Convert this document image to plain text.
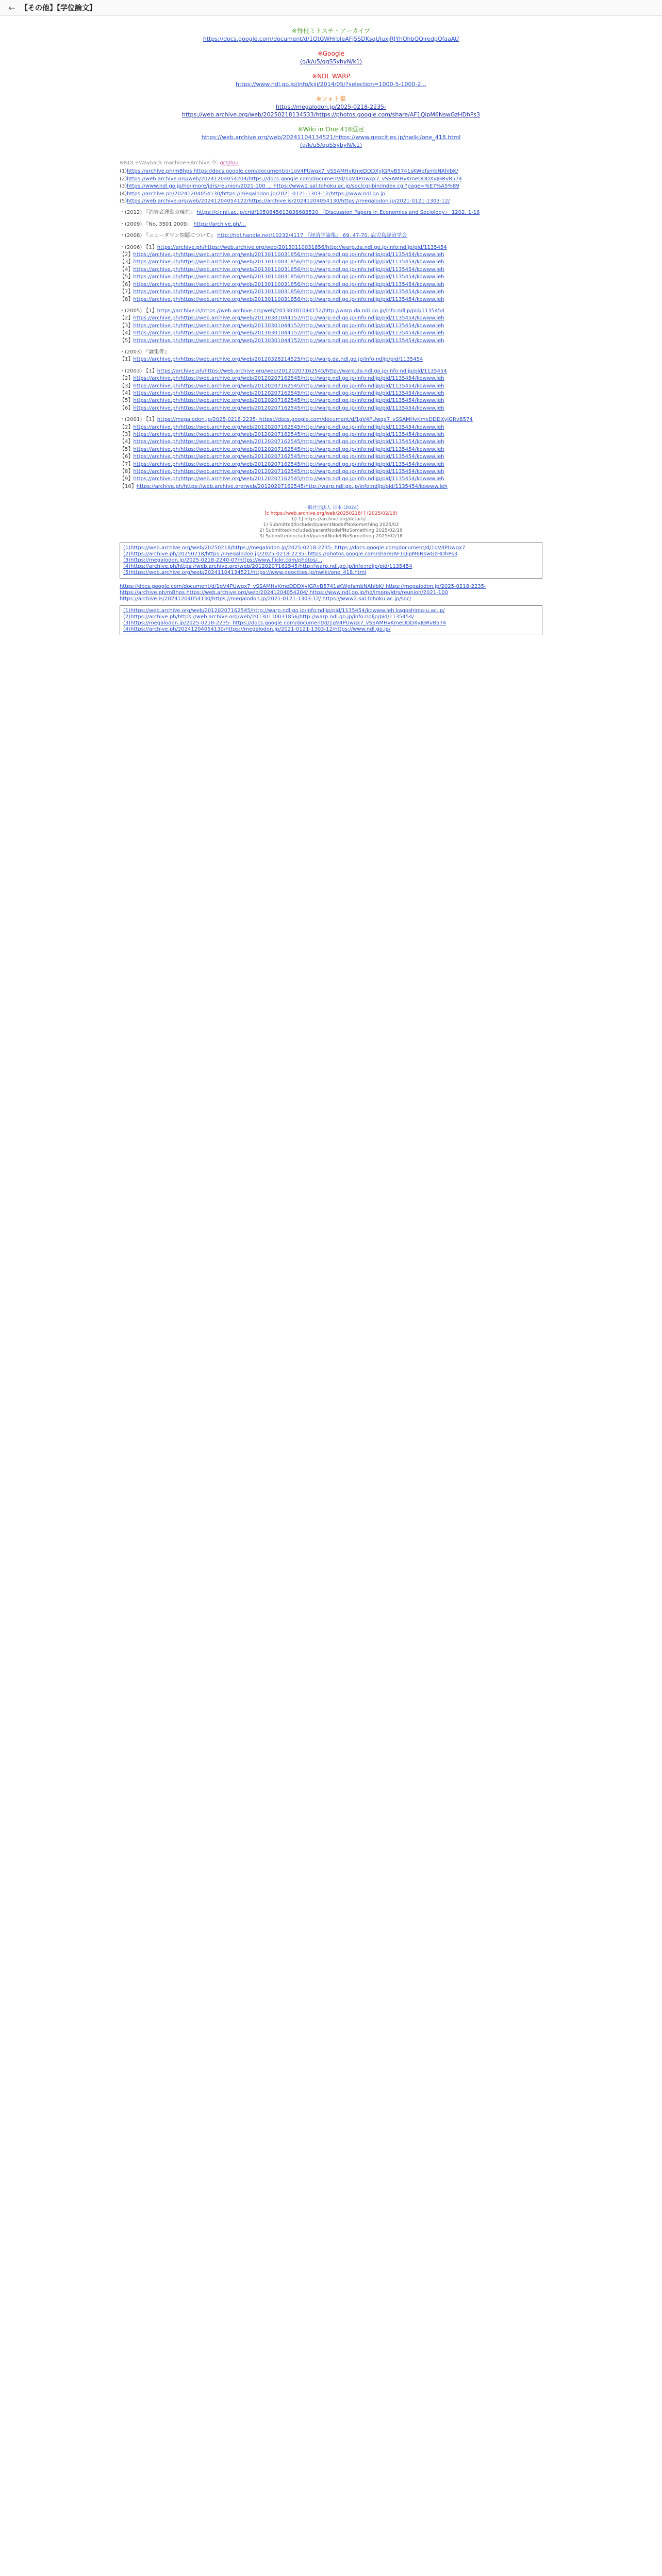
← 【その他】【学位論文】
※脊柱ミトスチ・アーカイブ
https://docs.google.com/document/d/1QtGWHrbIeAFJ5SDKsqUluxjRJYhOhbQQiredpQfaaAt/
※Google
(g/k/u5/qqS5ybyN/k1)
※NDL WARP
https://www.ndl.go.jp/info/kiji/2014/05/?selection=1000-5-1000-2...
※フォト集
https://megalodon.jp/2025-0218-2235-
https://web.archive.org/web/20250218134533/https://photos.google.com/share/AF1QipM6NswGzHDhPs3
※Wiki in One 418選定
https://web.archive.org/web/20241104134521/https://www.geocities.jp/nwiki/one_418.html
(g/k/u5/qqS5ybyN/k1)
※NDL+Wayback machine+Archive.今: gcs/h/u
(1)https://archive.ph/mBhps https://docs.google.com/document/d/1gV4PUwqx7_vSSAMHvKmeDDDXyJGRvB5741sKWgfsmbNAhIbK/
(2)https://web.archive.org/web/20241204054204/https://docs.google.com/document/d/1gV4PUwqx7_vSSAMHvKmeDDDXyJGRvB574
(3)https://www.ndl.go.jp/ho/jmore/jdrs/reunion/2021-100 ... https://www2.sal.tohoku.ac.jp/soc/cgi-bin/index.cgi?page=%E7%A5%89
(4)https://archive.ph/20241204054130/https://megalodon.jp/2021-0121-1303-12/https://www.ndl.go.jp
(5)https://web.archive.org/web/20241204054122/https://archive.is/20241204054130/https://megalodon.jp/2021-0121-1303-12/
・(2012) 『消費者運動の現在』 https://cir.nii.ac.jp/crid/1050845613838683520 『Discussion Papers in Economics and Sociology』 1202. 1-16
・(2009) 『No. 3501 2009』 https://archive.ph/...
・(2008) 『ニュータウン問題について』 http://hdl.handle.net/10232/4117 『経済学論集』 69. 47-70. 鹿児島経済学会
・(2006) 【1】https://archive.ph/https://web.archive.org/web/20130110031856/http://warp.da.ndl.go.jp/info:ndljp/pid/1135454
【2】https://archive.ph/https://web.archive.org/web/20130110031856/http://warp.ndl.go.jp/info:ndljp/pid/1135454/kowww.leh
【3】https://archive.ph/https://web.archive.org/web/20130110031856/http://warp.ndl.go.jp/info:ndljp/pid/1135454/kowww.leh
【4】https://archive.ph/https://web.archive.org/web/20130110031856/http://warp.ndl.go.jp/info:ndljp/pid/1135454/kowww.leh
【5】https://archive.ph/https://web.archive.org/web/20130110031856/http://warp.ndl.go.jp/info:ndljp/pid/1135454/kowww.leh
【6】https://archive.ph/https://web.archive.org/web/20130110031856/http://warp.ndl.go.jp/info:ndljp/pid/1135454/kowww.leh
【7】https://archive.ph/https://web.archive.org/web/20130110031856/http://warp.ndl.go.jp/info:ndljp/pid/1135454/kowww.leh
【8】https://archive.ph/https://web.archive.org/web/20130110031856/http://warp.ndl.go.jp/info:ndljp/pid/1135454/kowww.leh
・(2005) 【1】https://archive.is/https://web.archive.org/web/20130301044152/http://warp.da.ndl.go.jp/info:ndljp/pid/1135454
【2】https://archive.ph/https://web.archive.org/web/20130301044152/http://warp.ndl.go.jp/info:ndljp/pid/1135454/kowww.leh
【3】https://archive.ph/https://web.archive.org/web/20130301044152/http://warp.ndl.go.jp/info:ndljp/pid/1135454/kowww.leh
【4】https://archive.ph/https://web.archive.org/web/20130301044152/http://warp.ndl.go.jp/info:ndljp/pid/1135454/kowww.leh
【5】https://archive.ph/https://web.archive.org/web/20130301044152/http://warp.ndl.go.jp/info:ndljp/pid/1135454/kowww.leh
・(2003) 『論集等』
【1】https://archive.ph/https://web.archive.org/web/20120328214525/http://warp.da.ndl.go.jp/info:ndljp/pid/1135454
・(2003) 【1】https://archive.ph/https://web.archive.org/web/20120207162545/http://warp.da.ndl.go.jp/info:ndljp/pid/1135454
【2】https://archive.ph/https://web.archive.org/web/20120207162545/http://warp.ndl.go.jp/info:ndljp/pid/1135454/kowww.leh
【3】https://archive.ph/https://web.archive.org/web/20120207162545/http://warp.ndl.go.jp/info:ndljp/pid/1135454/kowww.leh
【4】https://archive.ph/https://web.archive.org/web/20120207162545/http://warp.ndl.go.jp/info:ndljp/pid/1135454/kowww.leh
【5】https://archive.ph/https://web.archive.org/web/20120207162545/http://warp.ndl.go.jp/info:ndljp/pid/1135454/kowww.leh
【6】https://archive.ph/https://web.archive.org/web/20120207162545/http://warp.ndl.go.jp/info:ndljp/pid/1135454/kowww.leh
・(2001) 【1】https://megalodon.jp/2025-0218-2235- https://docs.google.com/document/d/1gV4PUwqx7_vSSAMHvKmeDDDXyJGRvB574
【2】https://archive.ph/https://web.archive.org/web/20120207162545/http://warp.ndl.go.jp/info:ndljp/pid/1135454/kowww.leh
【3】https://archive.ph/https://web.archive.org/web/20120207162545/http://warp.ndl.go.jp/info:ndljp/pid/1135454/kowww.leh
【4】https://archive.ph/https://web.archive.org/web/20120207162545/http://warp.ndl.go.jp/info:ndljp/pid/1135454/kowww.leh
【5】https://archive.ph/https://web.archive.org/web/20120207162545/http://warp.ndl.go.jp/info:ndljp/pid/1135454/kowww.leh
【6】https://archive.ph/https://web.archive.org/web/20120207162545/http://warp.ndl.go.jp/info:ndljp/pid/1135454/kowww.leh
【7】https://archive.ph/https://web.archive.org/web/20120207162545/http://warp.ndl.go.jp/info:ndljp/pid/1135454/kowww.leh
【8】https://archive.ph/https://web.archive.org/web/20120207162545/http://warp.ndl.go.jp/info:ndljp/pid/1135454/kowww.leh
【9】https://archive.ph/https://web.archive.org/web/20120207162545/http://warp.ndl.go.jp/info:ndljp/pid/1135454/kowww.leh
【10】https://archive.ph/https://web.archive.org/web/20120207162545/http://warp.ndl.go.jp/info:ndljp/pid/1135454/kowww.leh
一般社団法人 日本 (2024)
[c https://web.archive.org/web/20250218/ ] (2025/02/18)
(i) 1] https://archive.org/details/...
1) Submitted/included/parentNodeIfNoSomething 2025/02
2) Submitted/included/parentNodeIfNoSomething 2025/02/18
3) Submitted/included/parentNodeIfNoSomething 2025/02/18
(1)https://web.archive.org/web/20250218/https://megalodon.jp/2025-0218-2235- https://docs.google.com/document/d/1gV4PUwqx7
(2)https://archive.ph/20250218/https://megalodon.jp/2025-0218-2235- https://photos.google.com/share/AF1QipM6NswGzHDhPs3
(3)https://megalodon.jp/2025-0218-2240-07/https://www.flickr.com/photos/...
(4)https://archive.ph/https://web.archive.org/web/20120207162545/http://warp.ndl.go.jp/info:ndljp/pid/1135454
(5)https://web.archive.org/web/20241104134521/https://www.geocities.jp/nwiki/one_418.html
https://docs.google.com/document/d/1gV4PUwqx7_vSSAMHvKmeDDDXyJGRvB5741sKWgfsmbNAhIbK/ https://megalodon.jp/2025-0218-2235-
https://archive.ph/mBhps https://web.archive.org/web/20241204054204/ https://www.ndl.go.jp/ho/jmore/jdrs/reunion/2021-100
https://archive.is/20241204054130/https://megalodon.jp/2021-0121-1303-12/ https://www2.sal.tohoku.ac.jp/soc/
(1)https://web.archive.org/web/20120207162545/http://warp.ndl.go.jp/info:ndljp/pid/1135454/kowww.leh.kagoshima-u.ac.jp/
(2)https://archive.ph/https://web.archive.org/web/20130110031856/http://warp.ndl.go.jp/info:ndljp/pid/1135454/
(3)https://megalodon.jp/2025-0218-2235- https://docs.google.com/document/d/1gV4PUwqx7_vSSAMHvKmeDDDXyJGRvB574
(4)https://archive.ph/20241204054130/https://megalodon.jp/2021-0121-1303-12/https://www.ndl.go.jp/
